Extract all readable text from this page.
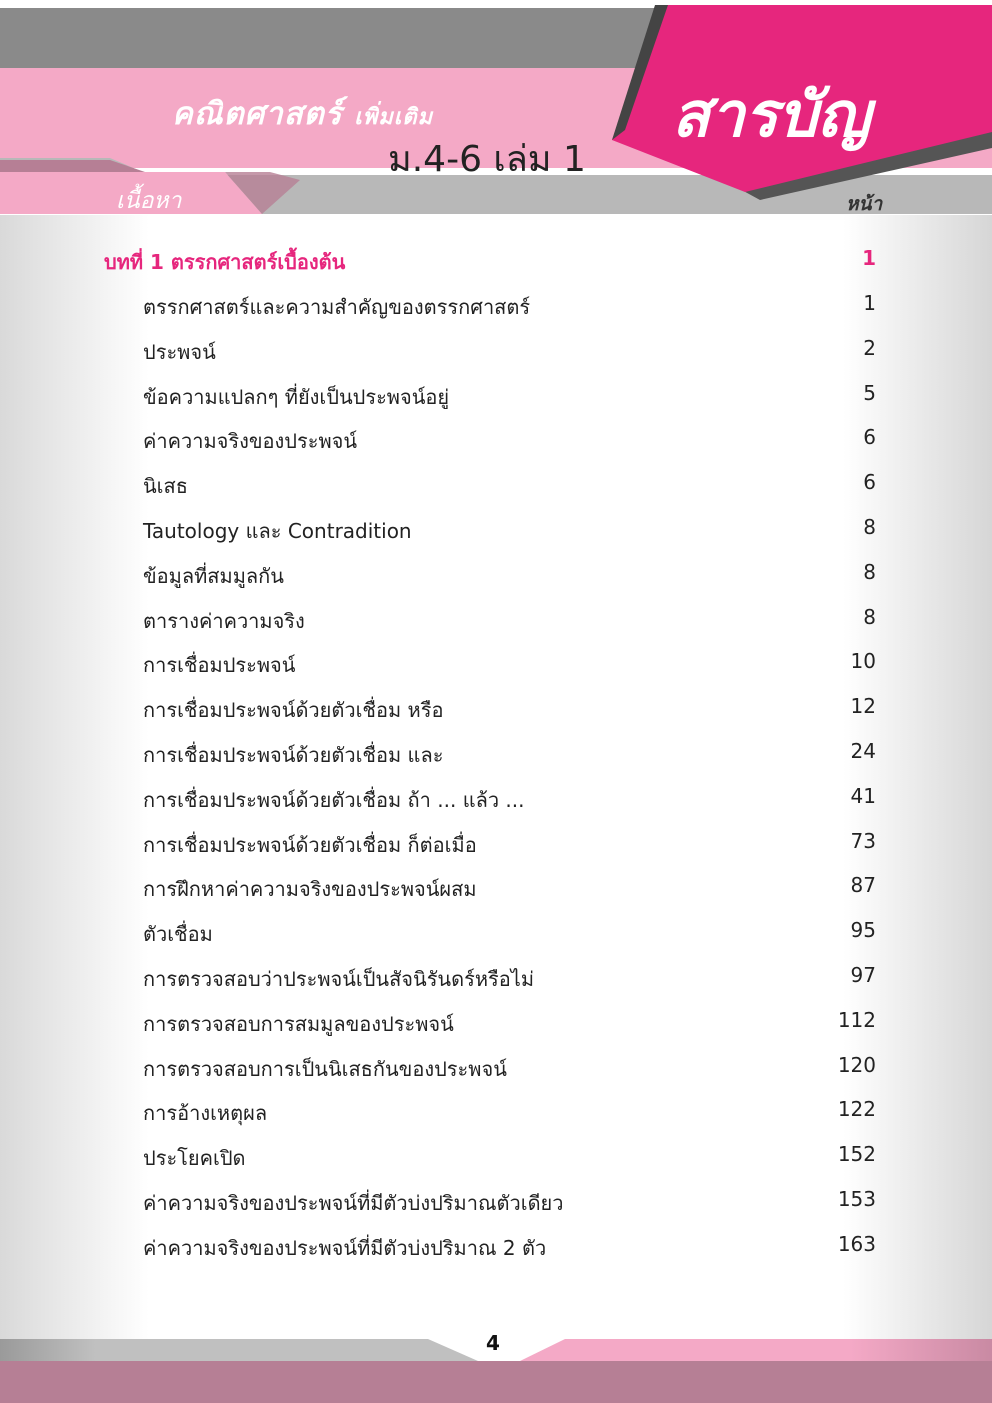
คณิตศาสตร์ เพิ่มเติม
ม.4-6 เล่ม 1
สารบัญ
เนื้อหา	หน้า
บทที่ 1 ตรรกศาสตร์เบื้องต้น	1
ตรรกศาสตร์และความสำคัญของตรรกศาสตร์	1
ประพจน์	2
ข้อความแปลกๆ ที่ยังเป็นประพจน์อยู่	5
ค่าความจริงของประพจน์	6
นิเสธ	6
Tautology และ Contradition	8
ข้อมูลที่สมมูลกัน	8
ตารางค่าความจริง	8
การเชื่อมประพจน์	10
การเชื่อมประพจน์ด้วยตัวเชื่อม หรือ	12
การเชื่อมประพจน์ด้วยตัวเชื่อม และ	24
การเชื่อมประพจน์ด้วยตัวเชื่อม ถ้า ... แล้ว ...	41
การเชื่อมประพจน์ด้วยตัวเชื่อม ก็ต่อเมื่อ	73
การฝึกหาค่าความจริงของประพจน์ผสม	87
ตัวเชื่อม	95
การตรวจสอบว่าประพจน์เป็นสัจนิรันดร์หรือไม่	97
การตรวจสอบการสมมูลของประพจน์	112
การตรวจสอบการเป็นนิเสธกันของประพจน์	120
การอ้างเหตุผล	122
ประโยคเปิด	152
ค่าความจริงของประพจน์ที่มีตัวบ่งปริมาณตัวเดียว	153
ค่าความจริงของประพจน์ที่มีตัวบ่งปริมาณ 2 ตัว	163
4
